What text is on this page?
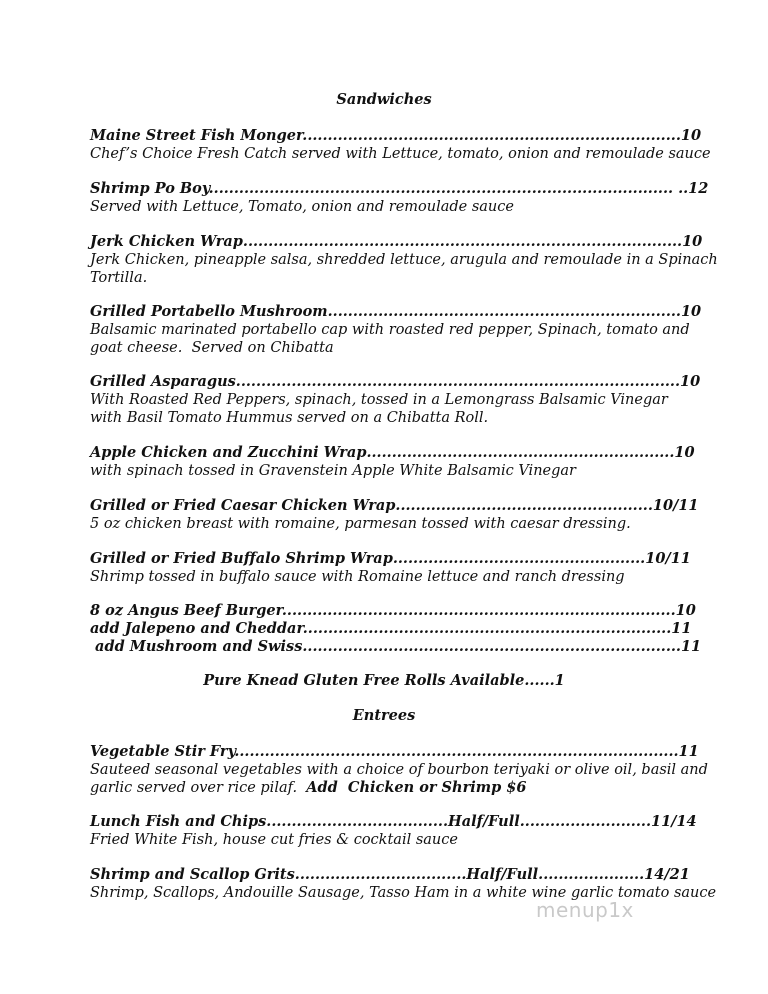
Sandwiches
Maine Street Fish Monger...........................................................................10
Chef’s Choice Fresh Catch served with Lettuce, tomato, onion and remoulade sauce
Shrimp Po Boy............................................................................................ ..12
Served with Lettuce, Tomato, onion and remoulade sauce
Jerk Chicken Wrap.......................................................................................10
Jerk Chicken, pineapple salsa, shredded lettuce, arugula and remoulade in a Spinach
Tortilla.
Grilled Portabello Mushroom......................................................................10
Balsamic marinated portabello cap with roasted red pepper, Spinach, tomato and
goat cheese.  Served on Chibatta
Grilled Asparagus........................................................................................10
With Roasted Red Peppers, spinach, tossed in a Lemongrass Balsamic Vinegar
with Basil Tomato Hummus served on a Chibatta Roll.
Apple Chicken and Zucchini Wrap.............................................................10
with spinach tossed in Gravenstein Apple White Balsamic Vinegar
Grilled or Fried Caesar Chicken Wrap...................................................10/11
5 oz chicken breast with romaine, parmesan tossed with caesar dressing.
Grilled or Fried Buffalo Shrimp Wrap..................................................10/11
Shrimp tossed in buffalo sauce with Romaine lettuce and ranch dressing
8 oz Angus Beef Burger..............................................................................10
add Jalepeno and Cheddar.........................................................................11
add Mushroom and Swiss...........................................................................11
Pure Knead Gluten Free Rolls Available......1
Entrees
Vegetable Stir Fry........................................................................................11
Sauteed seasonal vegetables with a choice of bourbon teriyaki or olive oil, basil and
garlic served over rice pilaf. Add  Chicken or Shrimp $6
Lunch Fish and Chips....................................Half/Full..........................11/14
Fried White Fish, house cut fries & cocktail sauce
Shrimp and Scallop Grits..................................Half/Full.....................14/21
Shrimp, Scallops, Andouille Sausage, Tasso Ham in a white wine garlic tomato sauce
menup1x
